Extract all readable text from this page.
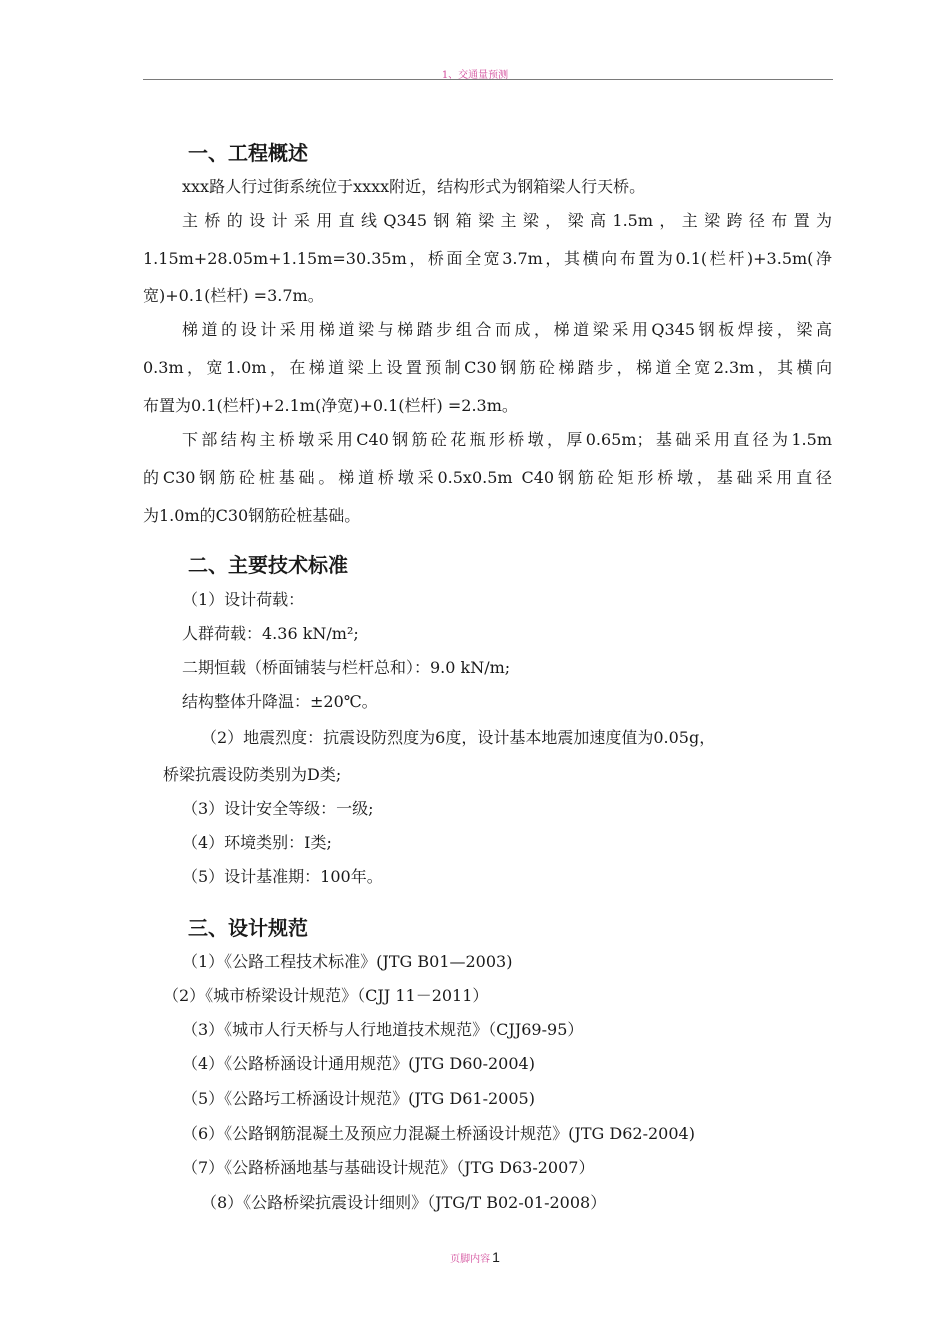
1、交通量预测
一、工程概述
xxx路人行过街系统位于xxxx附近，结构形式为钢箱梁人行天桥。
主桥的设计采用直线Q345钢箱梁主梁，梁高1.5m，主梁跨径布置为
1.15m+28.05m+1.15m=30.35m，桥面全宽3.7m，其横向布置为0.1(栏杆)+3.5m(净
宽)+0.1(栏杆) =3.7m。
梯道的设计采用梯道梁与梯踏步组合而成，梯道梁采用Q345钢板焊接，梁高
0.3m，宽1.0m，在梯道梁上设置预制C30钢筋砼梯踏步，梯道全宽2.3m，其横向
布置为0.1(栏杆)+2.1m(净宽)+0.1(栏杆) =2.3m。
下部结构主桥墩采用C40钢筋砼花瓶形桥墩，厚0.65m；基础采用直径为1.5m
的C30钢筋砼桩基础。梯道桥墩采0.5x0.5m C40钢筋砼矩形桥墩，基础采用直径
为1.0m的C30钢筋砼桩基础。
二、主要技术标准
（1）设计荷载：
人群荷载：4.36 kN/m²;
二期恒载（桥面铺装与栏杆总和）：9.0 kN/m;
结构整体升降温：±20℃。
（2）地震烈度：抗震设防烈度为6度，设计基本地震加速度值为0.05g，
桥梁抗震设防类别为D类;
（3）设计安全等级：一级;
（4）环境类别：Ⅰ类;
（5）设计基准期：100年。
三、设计规范
（1）《公路工程技术标准》(JTG B01—2003)
（2）《城市桥梁设计规范》（CJJ 11－2011）
（3）《城市人行天桥与人行地道技术规范》（CJJ69-95）
（4）《公路桥涵设计通用规范》(JTG D60-2004)
（5）《公路圬工桥涵设计规范》(JTG D61-2005)
（6）《公路钢筋混凝土及预应力混凝土桥涵设计规范》(JTG D62-2004)
（7）《公路桥涵地基与基础设计规范》（JTG D63-2007）
（8）《公路桥梁抗震设计细则》（JTG/T B02-01-2008）
页脚内容 1
